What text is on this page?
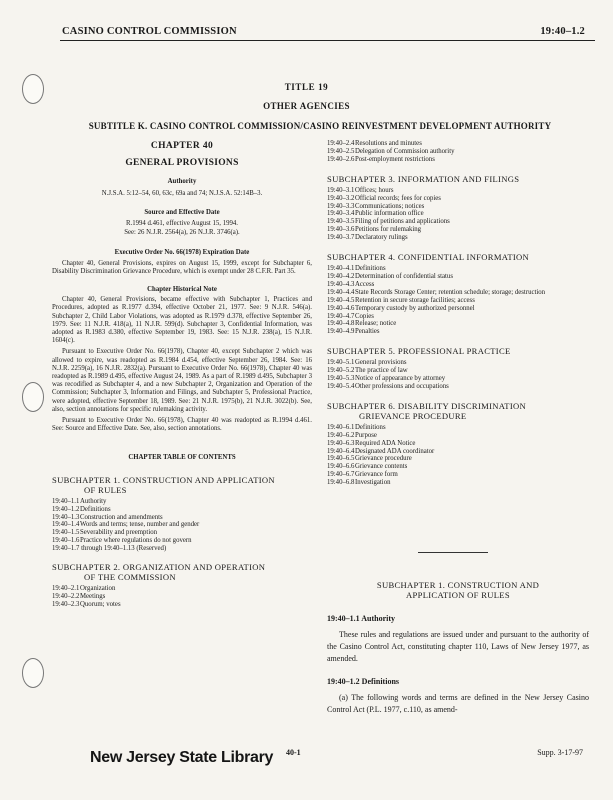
CASINO CONTROL COMMISSION	19:40–1.2
TITLE 19
OTHER AGENCIES
SUBTITLE K. CASINO CONTROL COMMISSION/CASINO REINVESTMENT DEVELOPMENT AUTHORITY
CHAPTER 40
GENERAL PROVISIONS
Authority
N.J.S.A. 5:12–54, 60, 63c, 69a and 74; N.J.S.A. 52:14B–3.
Source and Effective Date
R.1994 d.461, effective August 15, 1994.
See: 26 N.J.R. 2564(a), 26 N.J.R. 3746(a).
Executive Order No. 66(1978) Expiration Date
Chapter 40, General Provisions, expires on August 15, 1999, except for Subchapter 6, Disability Discrimination Grievance Procedure, which is exempt under 28 C.F.R. Part 35.
Chapter Historical Note
Chapter 40, General Provisions, became effective with Subchapter 1, Practices and Procedures, adopted as R.1977 d.394, effective October 21, 1977. See: 9 N.J.R. 546(a). Subchapter 2, Child Labor Violations, was adopted as R.1979 d.378, effective September 26, 1979. See: 11 N.J.R. 418(a), 11 N.J.R. 599(d). Subchapter 3, Confidential Information, was adopted as R.1983 d.380, effective September 19, 1983. See: 15 N.J.R. 238(a), 15 N.J.R. 1604(c).
Pursuant to Executive Order No. 66(1978), Chapter 40, except Subchapter 2 which was allowed to expire, was readopted as R.1984 d.454, effective September 26, 1984. See: 16 N.J.R. 2259(a), 16 N.J.R. 2832(a). Pursuant to Executive Order No. 66(1978), Chapter 40 was readopted as R.1989 d.495, effective August 24, 1989. As a part of R.1989 d.495, Subchapter 3 was recodified as Subchapter 4, and a new Subchapter 2, Organization and Operation of the Commission; Subchapter 3, Information and Filings, and Subchapter 5, Professional Practice, were adopted, effective September 18, 1989. See: 21 N.J.R. 1975(b), 21 N.J.R. 3022(b). See, also, section annotations for specific rulemaking activity.
Pursuant to Executive Order No. 66(1978), Chapter 40 was readopted as R.1994 d.461. See: Source and Effective Date. See, also, section annotations.
CHAPTER TABLE OF CONTENTS
SUBCHAPTER 1. CONSTRUCTION AND APPLICATION
OF RULES
19:40–1.1 Authority
19:40–1.2 Definitions
19:40–1.3 Construction and amendments
19:40–1.4 Words and terms; tense, number and gender
19:40–1.5 Severability and preemption
19:40–1.6 Practice where regulations do not govern
19:40–1.7 through 19:40–1.13 (Reserved)
SUBCHAPTER 2. ORGANIZATION AND OPERATION
OF THE COMMISSION
19:40–2.1 Organization
19:40–2.2 Meetings
19:40–2.3 Quorum; votes
19:40–2.4 Resolutions and minutes
19:40–2.5 Delegation of Commission authority
19:40–2.6 Post-employment restrictions
SUBCHAPTER 3. INFORMATION AND FILINGS
19:40–3.1 Offices; hours
19:40–3.2 Official records; fees for copies
19:40–3.3 Communications; notices
19:40–3.4 Public information office
19:40–3.5 Filing of petitions and applications
19:40–3.6 Petitions for rulemaking
19:40–3.7 Declaratory rulings
SUBCHAPTER 4. CONFIDENTIAL INFORMATION
19:40–4.1 Definitions
19:40–4.2 Determination of confidential status
19:40–4.3 Access
19:40–4.4 State Records Storage Center; retention schedule; storage; destruction
19:40–4.5 Retention in secure storage facilities; access
19:40–4.6 Temporary custody by authorized personnel
19:40–4.7 Copies
19:40–4.8 Release; notice
19:40–4.9 Penalties
SUBCHAPTER 5. PROFESSIONAL PRACTICE
19:40–5.1 General provisions
19:40–5.2 The practice of law
19:40–5.3 Notice of appearance by attorney
19:40–5.4 Other professions and occupations
SUBCHAPTER 6. DISABILITY DISCRIMINATION
GRIEVANCE PROCEDURE
19:40–6.1 Definitions
19:40–6.2 Purpose
19:40–6.3 Required ADA Notice
19:40–6.4 Designated ADA coordinator
19:40–6.5 Grievance procedure
19:40–6.6 Grievance contents
19:40–6.7 Grievance form
19:40–6.8 Investigation
SUBCHAPTER 1. CONSTRUCTION AND
APPLICATION OF RULES
19:40–1.1 Authority
These rules and regulations are issued under and pursuant to the authority of the Casino Control Act, constituting chapter 110, Laws of New Jersey 1977, as amended.
19:40–1.2 Definitions
(a) The following words and terms are defined in the New Jersey Casino Control Act (P.L. 1977, c.110, as amend-
New Jersey State Library 40-1	Supp. 3-17-97
